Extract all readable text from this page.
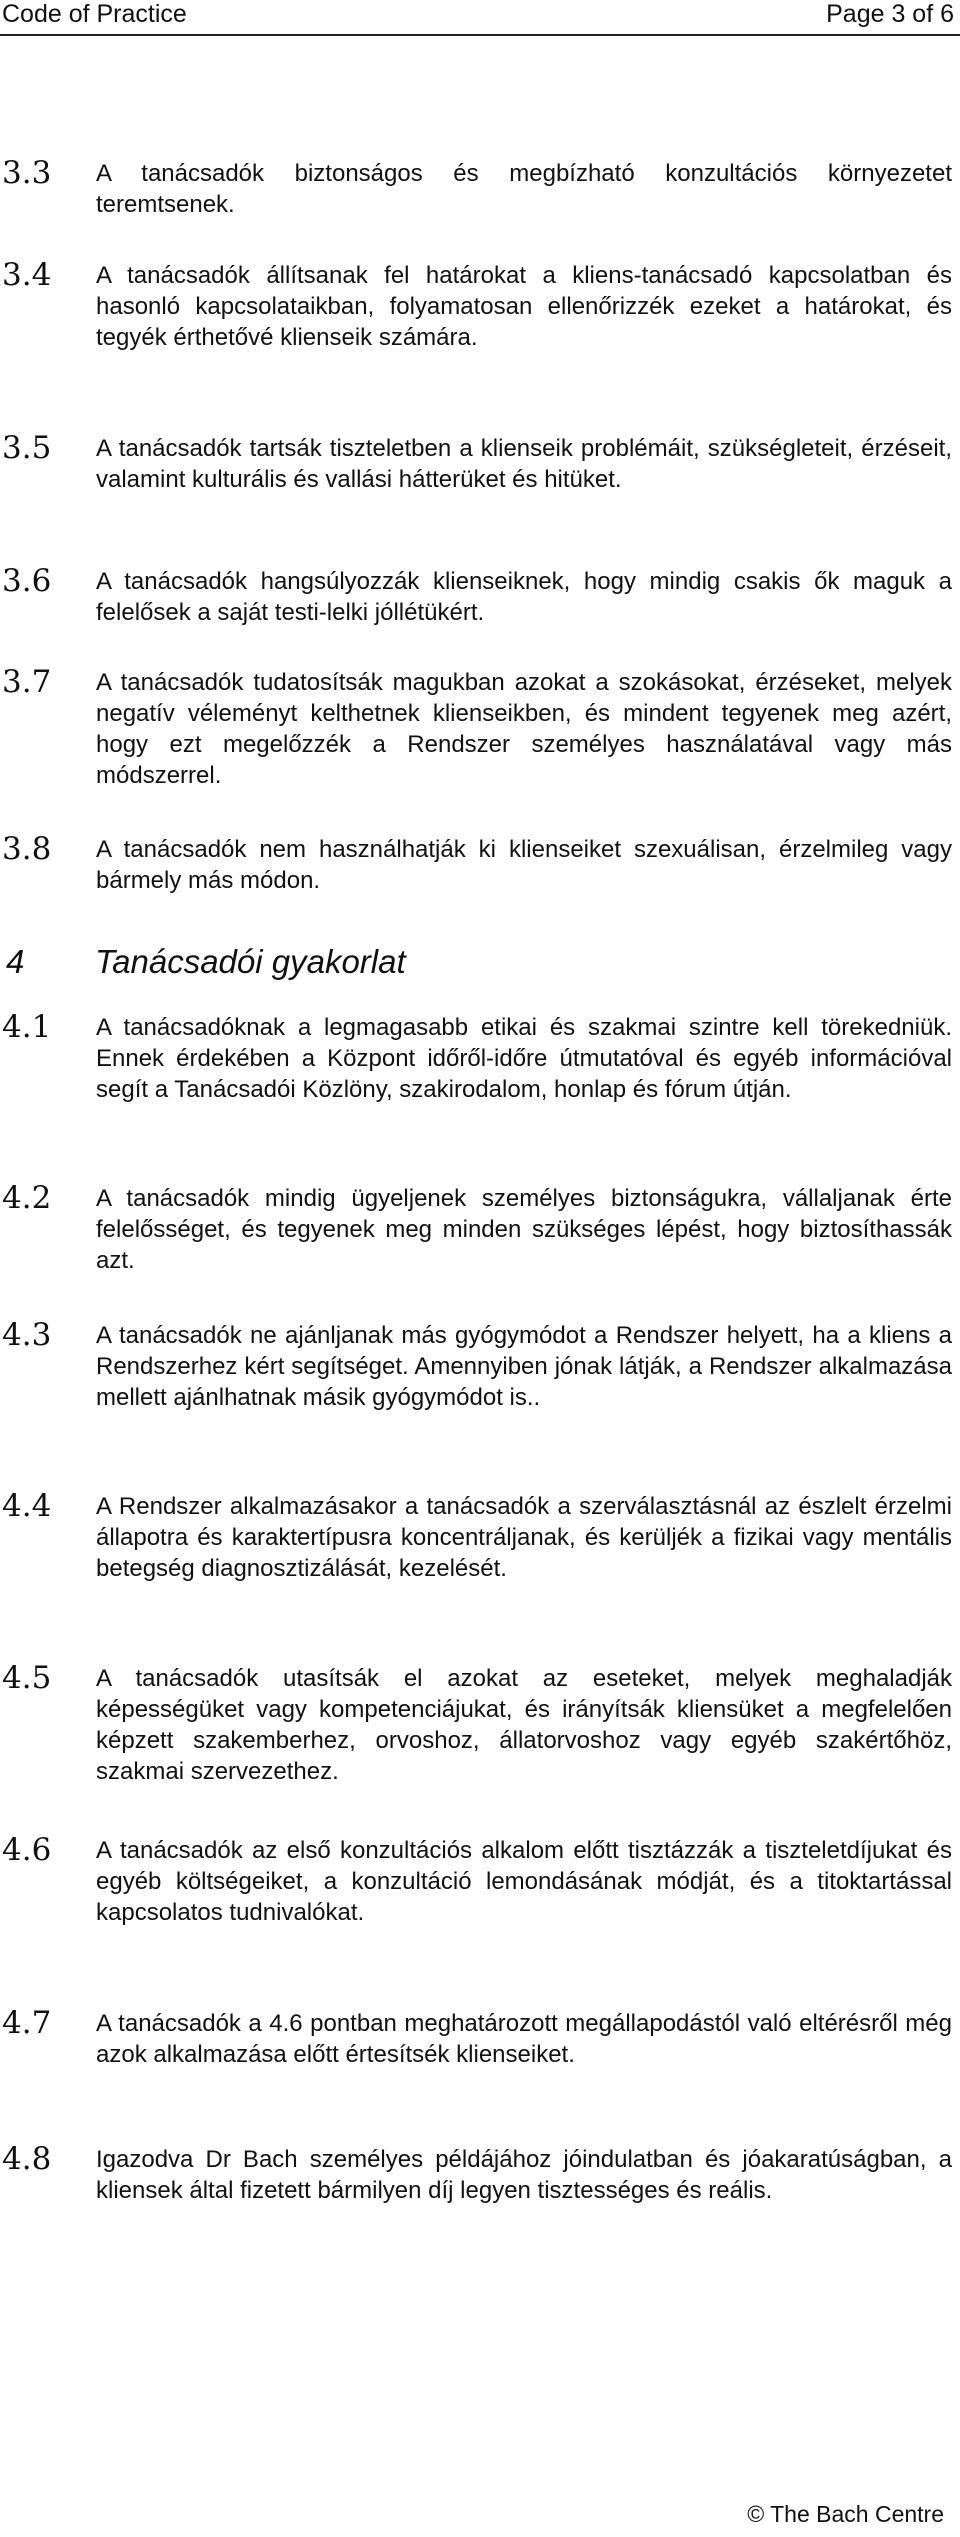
Code of Practice	Page 3 of 6
3.3 A tanácsadók biztonságos és megbízható konzultációs környezetet teremtsenek.
3.4 A tanácsadók állítsanak fel határokat a kliens-tanácsadó kapcsolatban és hasonló kapcsolataikban, folyamatosan ellenőrizzék ezeket a határokat, és tegyék érthetővé klienseik számára.
3.5 A tanácsadók tartsák tiszteletben a klienseik problémáit, szükségleteit, érzéseit, valamint kulturális és vallási hátterüket és hitüket.
3.6 A tanácsadók hangsúlyozzák klienseiknek, hogy mindig csakis ők maguk a felelősek a saját testi-lelki jóllétükért.
3.7 A tanácsadók tudatosítsák magukban azokat a szokásokat, érzéseket, melyek negatív véleményt kelthetnek klienseikben, és mindent tegyenek meg azért, hogy ezt megelőzzék a Rendszer személyes használatával vagy más módszerrel.
3.8 A tanácsadók nem használhatják ki klienseiket szexuálisan, érzelmileg vagy bármely más módon.
4 Tanácsadói gyakorlat
4.1 A tanácsadóknak a legmagasabb etikai és szakmai szintre kell törekedniük. Ennek érdekében a Központ időről-időre útmutatóval és egyéb információval segít a Tanácsadói Közlöny, szakirodalom, honlap és fórum útján.
4.2 A tanácsadók mindig ügyeljenek személyes biztonságukra, vállaljanak érte felelősséget, és tegyenek meg minden szükséges lépést, hogy biztosíthassák azt.
4.3 A tanácsadók ne ajánljanak más gyógymódot a Rendszer helyett, ha a kliens a Rendszerhez kért segítséget. Amennyiben jónak látják, a Rendszer alkalmazása mellett ajánlhatnak másik gyógymódot is..
4.4 A Rendszer alkalmazásakor a tanácsadók a szerválasztásnál az észlelt érzelmi állapotra és karaktertípusra koncentráljanak, és kerüljék a fizikai vagy mentális betegség diagnosztizálását, kezelését.
4.5 A tanácsadók utasítsák el azokat az eseteket, melyek meghaladják képességüket vagy kompetenciájukat, és irányítsák kliensüket a megfelelően képzett szakemberhez, orvoshoz, állatorvoshoz vagy egyéb szakértőhöz, szakmai szervezethez.
4.6 A tanácsadók az első konzultációs alkalom előtt tisztázzák a tiszteletdíjukat és egyéb költségeiket, a konzultáció lemondásának módját, és a titoktartással kapcsolatos tudnivalókat.
4.7 A tanácsadók a 4.6 pontban meghatározott megállapodástól való eltérésről még azok alkalmazása előtt értesítsék klienseiket.
4.8 Igazodva Dr Bach személyes példájához jóindulatban és jóakaratúságban, a kliensek által fizetett bármilyen díj legyen tisztességes és reális.
© The Bach Centre
